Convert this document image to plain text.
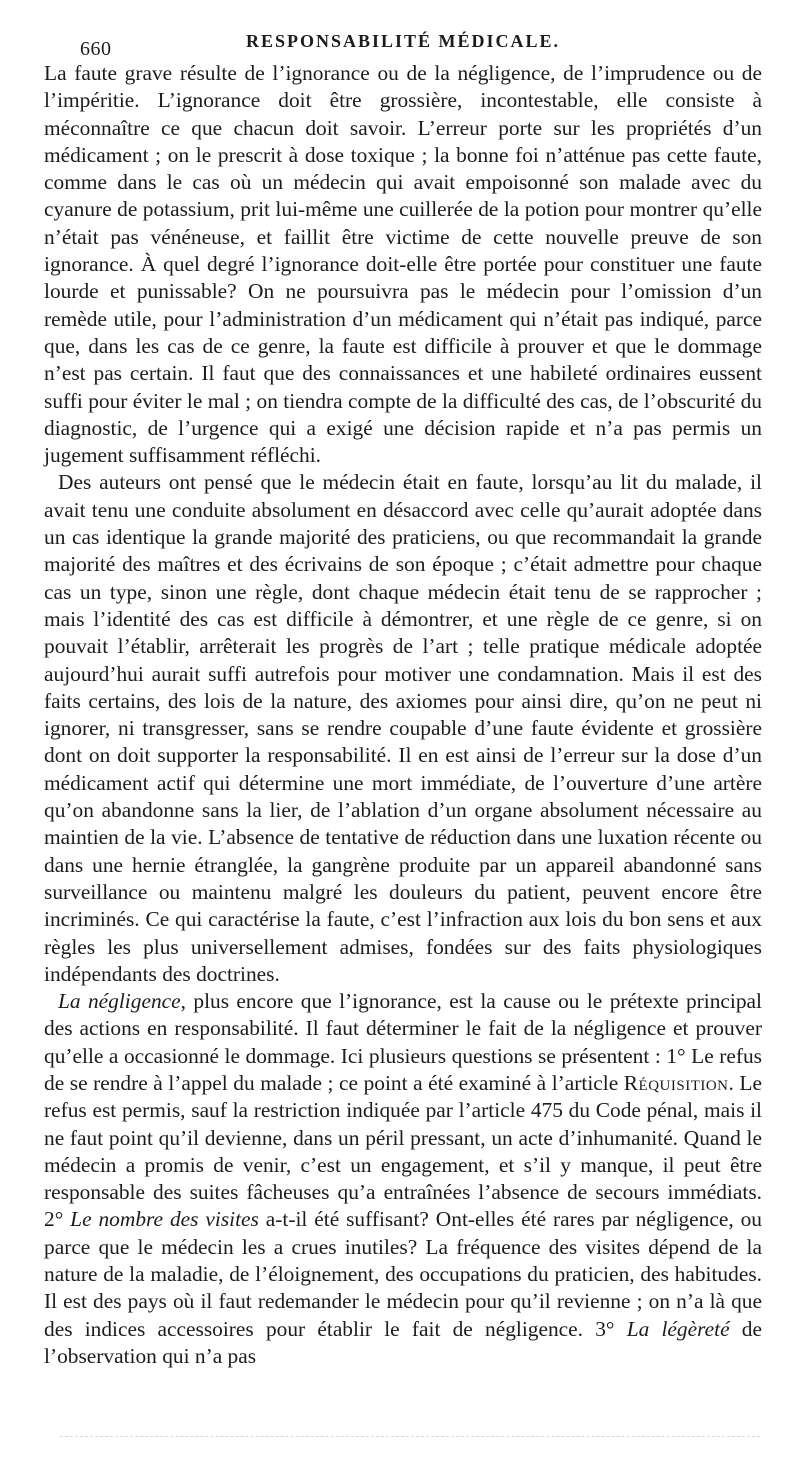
660	RESPONSABILITÉ MÉDICALE.

La faute grave résulte de l’ignorance ou de la négligence, de l’imprudence ou de l’impéritie. L’ignorance doit être grossière, incontestable, elle consiste à méconnaître ce que chacun doit savoir. L’erreur porte sur les propriétés d’un médicament ; on le prescrit à dose toxique ; la bonne foi n’atténue pas cette faute, comme dans le cas où un médecin qui avait empoisonné son malade avec du cyanure de potassium, prit lui-même une cuillerée de la potion pour montrer qu’elle n’était pas vénéneuse, et faillit être victime de cette nouvelle preuve de son ignorance. À quel degré l’ignorance doit-elle être portée pour constituer une faute lourde et punissable? On ne poursuivra pas le médecin pour l’omission d’un remède utile, pour l’administration d’un médicament qui n’était pas indiqué, parce que, dans les cas de ce genre, la faute est difficile à prouver et que le dommage n’est pas certain. Il faut que des connaissances et une habileté ordinaires eussent suffi pour éviter le mal ; on tiendra compte de la difficulté des cas, de l’obscurité du diagnostic, de l’urgence qui a exigé une décision rapide et n’a pas permis un jugement suffisamment réfléchi.

Des auteurs ont pensé que le médecin était en faute, lorsqu’au lit du malade, il avait tenu une conduite absolument en désaccord avec celle qu’aurait adoptée dans un cas identique la grande majorité des praticiens, ou que recommandait la grande majorité des maîtres et des écrivains de son époque ; c’était admettre pour chaque cas un type, sinon une règle, dont chaque médecin était tenu de se rapprocher ; mais l’identité des cas est difficile à démontrer, et une règle de ce genre, si on pouvait l’établir, arrêterait les progrès de l’art ; telle pratique médicale adoptée aujourd’hui aurait suffi autrefois pour motiver une condamnation. Mais il est des faits certains, des lois de la nature, des axiomes pour ainsi dire, qu’on ne peut ni ignorer, ni transgresser, sans se rendre coupable d’une faute évidente et grossière dont on doit supporter la responsabilité. Il en est ainsi de l’erreur sur la dose d’un médicament actif qui détermine une mort immédiate, de l’ouverture d’une artère qu’on abandonne sans la lier, de l’ablation d’un organe absolument nécessaire au maintien de la vie. L’absence de tentative de réduction dans une luxation récente ou dans une hernie étranglée, la gangrène produite par un appareil abandonné sans surveillance ou maintenu malgré les douleurs du patient, peuvent encore être incriminés. Ce qui caractérise la faute, c’est l’infraction aux lois du bon sens et aux règles les plus universellement admises, fondées sur des faits physiologiques indépendants des doctrines.

La négligence, plus encore que l’ignorance, est la cause ou le prétexte principal des actions en responsabilité. Il faut déterminer le fait de la négligence et prouver qu’elle a occasionné le dommage. Ici plusieurs questions se présentent : 1° Le refus de se rendre à l’appel du malade ; ce point a été examiné à l’article Réquisition. Le refus est permis, sauf la restriction indiquée par l’article 475 du Code pénal, mais il ne faut point qu’il devienne, dans un péril pressant, un acte d’inhumanité. Quand le médecin a promis de venir, c’est un engagement, et s’il y manque, il peut être responsable des suites fâcheuses qu’a entraînées l’absence de secours immédiats. 2° Le nombre des visites a-t-il été suffisant? Ont-elles été rares par négligence, ou parce que le médecin les a crues inutiles? La fréquence des visites dépend de la nature de la maladie, de l’éloignement, des occupations du praticien, des habitudes. Il est des pays où il faut redemander le médecin pour qu’il revienne ; on n’a là que des indices accessoires pour établir le fait de négligence. 3° La légèreté de l’observation qui n’a pas
